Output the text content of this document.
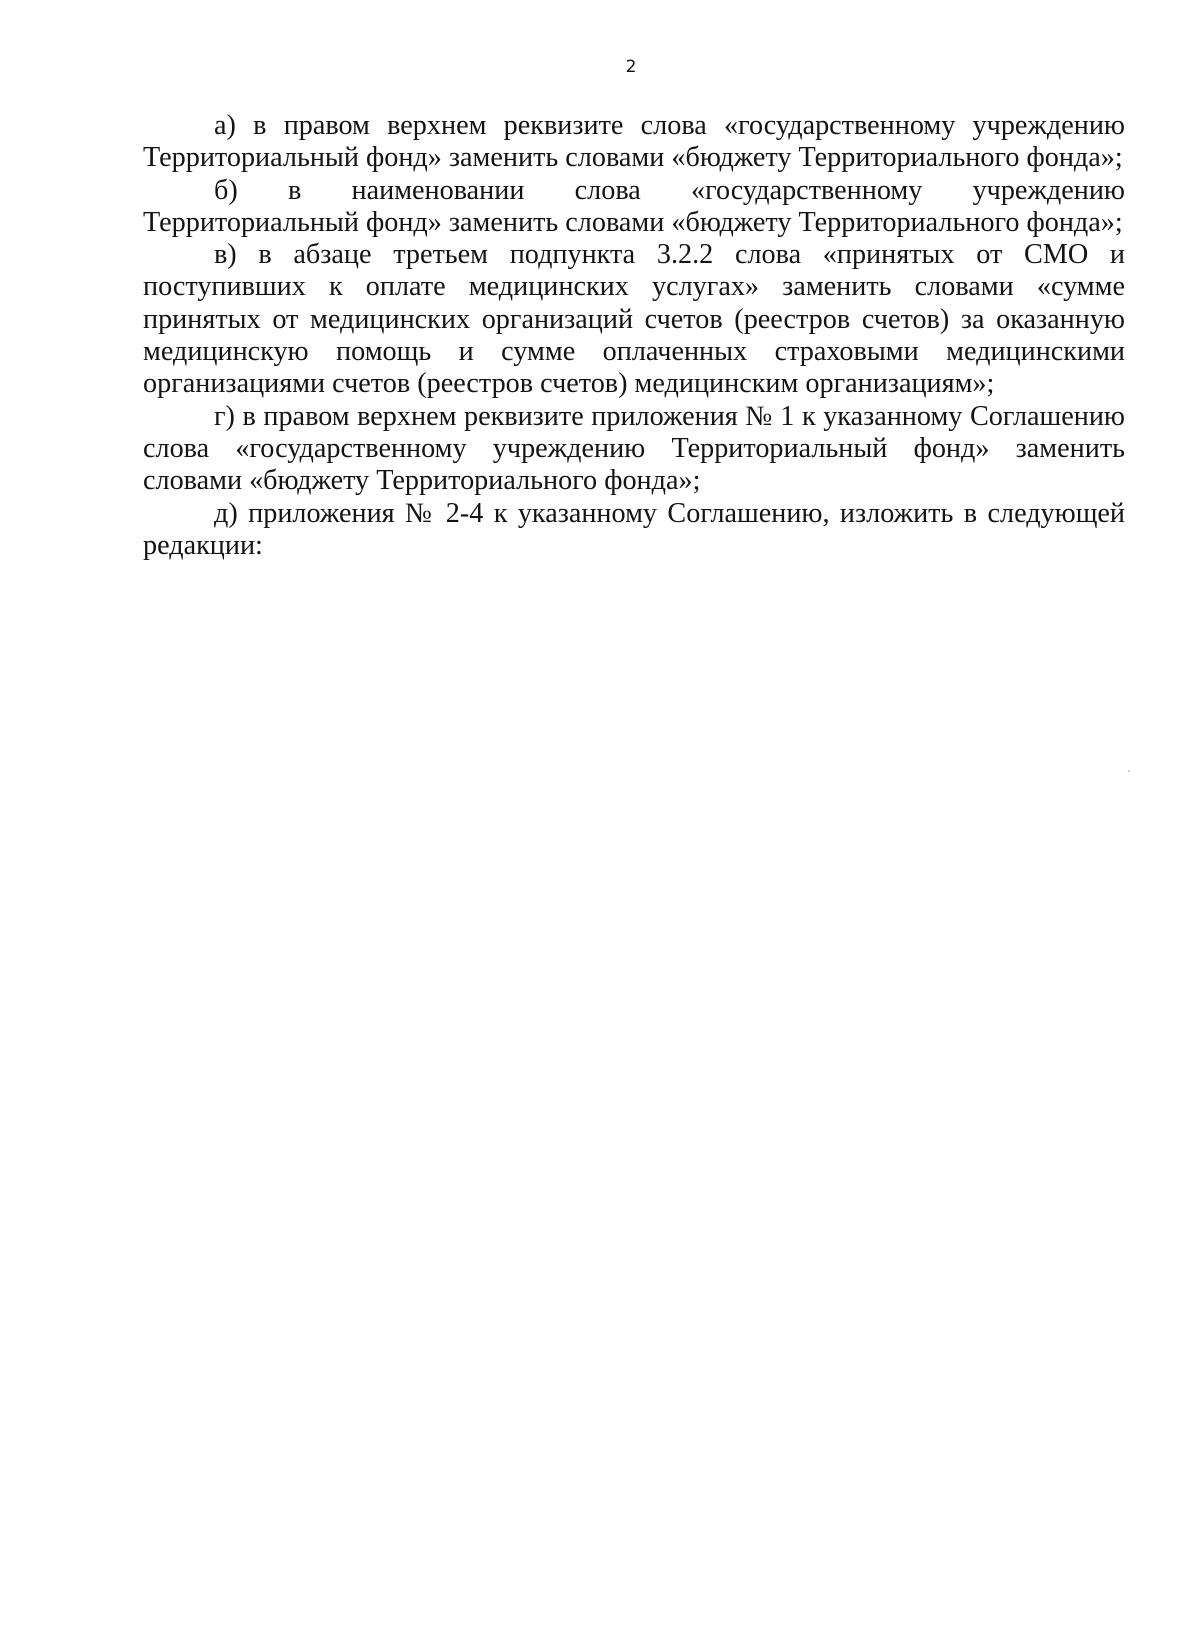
2

а) в правом верхнем реквизите слова «государственному учреждению Территориальный фонд» заменить словами «бюджету Территориального фонда»;

б) в наименовании слова «государственному учреждению Территориальный фонд» заменить словами «бюджету Территориального фонда»;

в) в абзаце третьем подпункта 3.2.2 слова «принятых от СМО и поступивших к оплате медицинских услугах» заменить словами «сумме принятых от медицинских организаций счетов (реестров счетов) за оказанную медицинскую помощь и сумме оплаченных страховыми медицинскими организациями счетов (реестров счетов) медицинским организациям»;

г) в правом верхнем реквизите приложения № 1 к указанному Соглашению слова «государственному учреждению Территориальный фонд» заменить словами «бюджету Территориального фонда»;

д) приложения № 2-4 к указанному Соглашению, изложить в следующей редакции:
